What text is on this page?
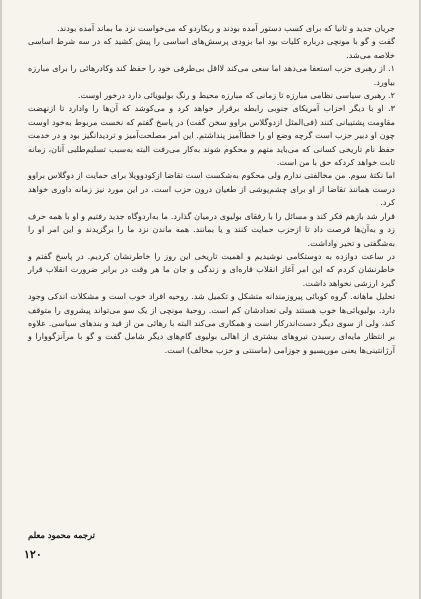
جریان جدید و ثانیا که برای کسب دستور آمده بودند و ربکاردو که می‌خواست نزد ما بماند آمده بودند.

گفت و گو با مونچی درباره کلیات بود اما بزودی پرسش‌های اساسی را پیش کشید که در سه شرط اساسی خلاصه می‌شد.

۱. از رهبری حزب استعفا می‌دهد اما سعی می‌کند لااقل بی‌طرفی خود را حفظ کند وکادرهائی را برای مبارزه بیاورد.

۲. رهبری سیاسی نظامی مبارزه تا زمانی که مبارزه محیط و رنگ بولیویائی دارد درخور اوست.

۳. او با دیگر احزاب آمریکای جنوبی رابطه برقرار خواهد کرد و می‌کوشد که آن‌ها را وادارد تا ازنهضت مقاومت پشتیبانی کنند (فی‌المثل ازدوگلاس براوو سخن گفت) در پاسخ گفتم که نخست مربوط به‌خود اوست چون او دبیر حزب است گرچه وضع او را خطاآمیز پنداشتم. این امر مصلحت‌آمیز و تردیدانگیز بود و در خدمت حفظ نام تاریخی کسانی که می‌باید متهم و محکوم شوند به‌کار می‌رفت البته به‌سبب تسلیم‌طلبی آنان، زمانه ثابت خواهد کردکه حق با من است.

اما نکتهٔ سوم. من مخالفتی ندارم ولی محکوم به‌شکست است تقاضا ازکودوویلا برای حمایت از دوگلاس براوو درست همانند تقاضا از او برای چشم‌پوشی از طغیان درون حزب است. در این مورد نیز زمانه داوری خواهد کرد.

قرار شد بازهم فکر کند و مسائل را با رفقای بولیوی درمیان گذارد. ما به‌اردوگاه جدید رفتیم و او با همه حرف زد و به‌آن‌ها فرصت داد تا ازحزب حمایت کنند و یا بمانند. همه ماندن نزد ما را برگزیدند و این امر او را به‌شگفتی و تحیر واداشت.

در ساعت دوازده به دوستکامی نوشیدیم و اهمیت تاریخی این روز را خاطرنشان کردیم. در پاسخ گفتم و خاطرنشان کردم که این امر آغاز انقلاب قاره‌ای و زندگی و جان ما هر وقت در برابر ضرورت انقلاب قرار گیرد ارزشی نخواهد داشت.

تحلیل ماهانه. گروه کوبائی پیروزمندانه متشکل و تکمیل شد. روحیه افراد خوب است و مشکلات اندکی وجود دارد. بولیویائی‌ها خوب هستند ولی تعدادشان کم است. روحیهٔ مونچی از یک سو می‌تواند پیشروی را متوقف کند، ولی از سوی دیگر دست‌اندرکار است و همکاری می‌کند البته با رهائی من از قید و بندهای سیاسی. علاوه بر انتظار مایه‌ای رسیدن نیروهای بیشتری از اهالی بولیوی گام‌های دیگر شامل گفت و گو با مرآنزگووارا و آرژانتینی‌ها یعنی موریسیو و جوزامی (ماسنتی و حزب مخالف) است.

ترجمه محمود معلم
۱۲۰
